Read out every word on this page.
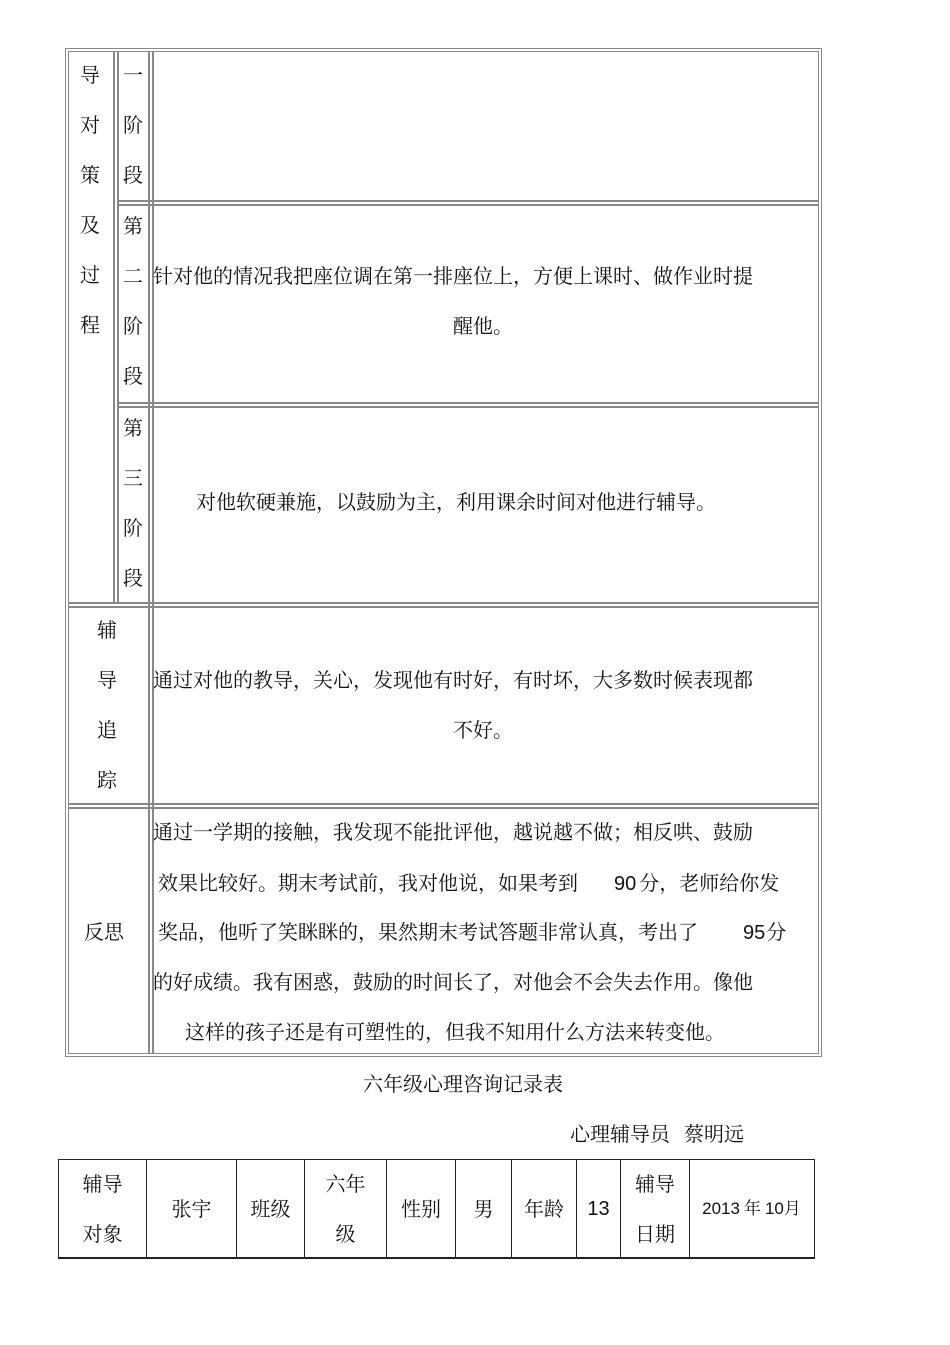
导
对
策
及
过
程
一
阶
段
第
二
阶
段
针对他的情况我把座位调在第一排座位上，方便上课时、做作业时提
醒他。
第
三
阶
段
对他软硬兼施，以鼓励为主，利用课余时间对他进行辅导。
辅
导
追
踪
通过对他的教导，关心，发现他有时好，有时坏，大多数时候表现都
不好。
反思
通过一学期的接触，我发现不能批评他，越说越不做；相反哄、鼓励
效果比较好。期末考试前，我对他说，如果考到 90 分，老师给你发
奖品，他听了笑眯眯的，果然期末考试答题非常认真，考出了 95分
的好成绩。我有困惑，鼓励的时间长了，对他会不会失去作用。像他
这样的孩子还是有可塑性的，但我不知用什么方法来转变他。
六年级心理咨询记录表
心理辅导员 蔡明远
辅导
对象
张宇 班级
六年
级
性别 男 年龄 13
辅导
日期
2013 年 10 月
